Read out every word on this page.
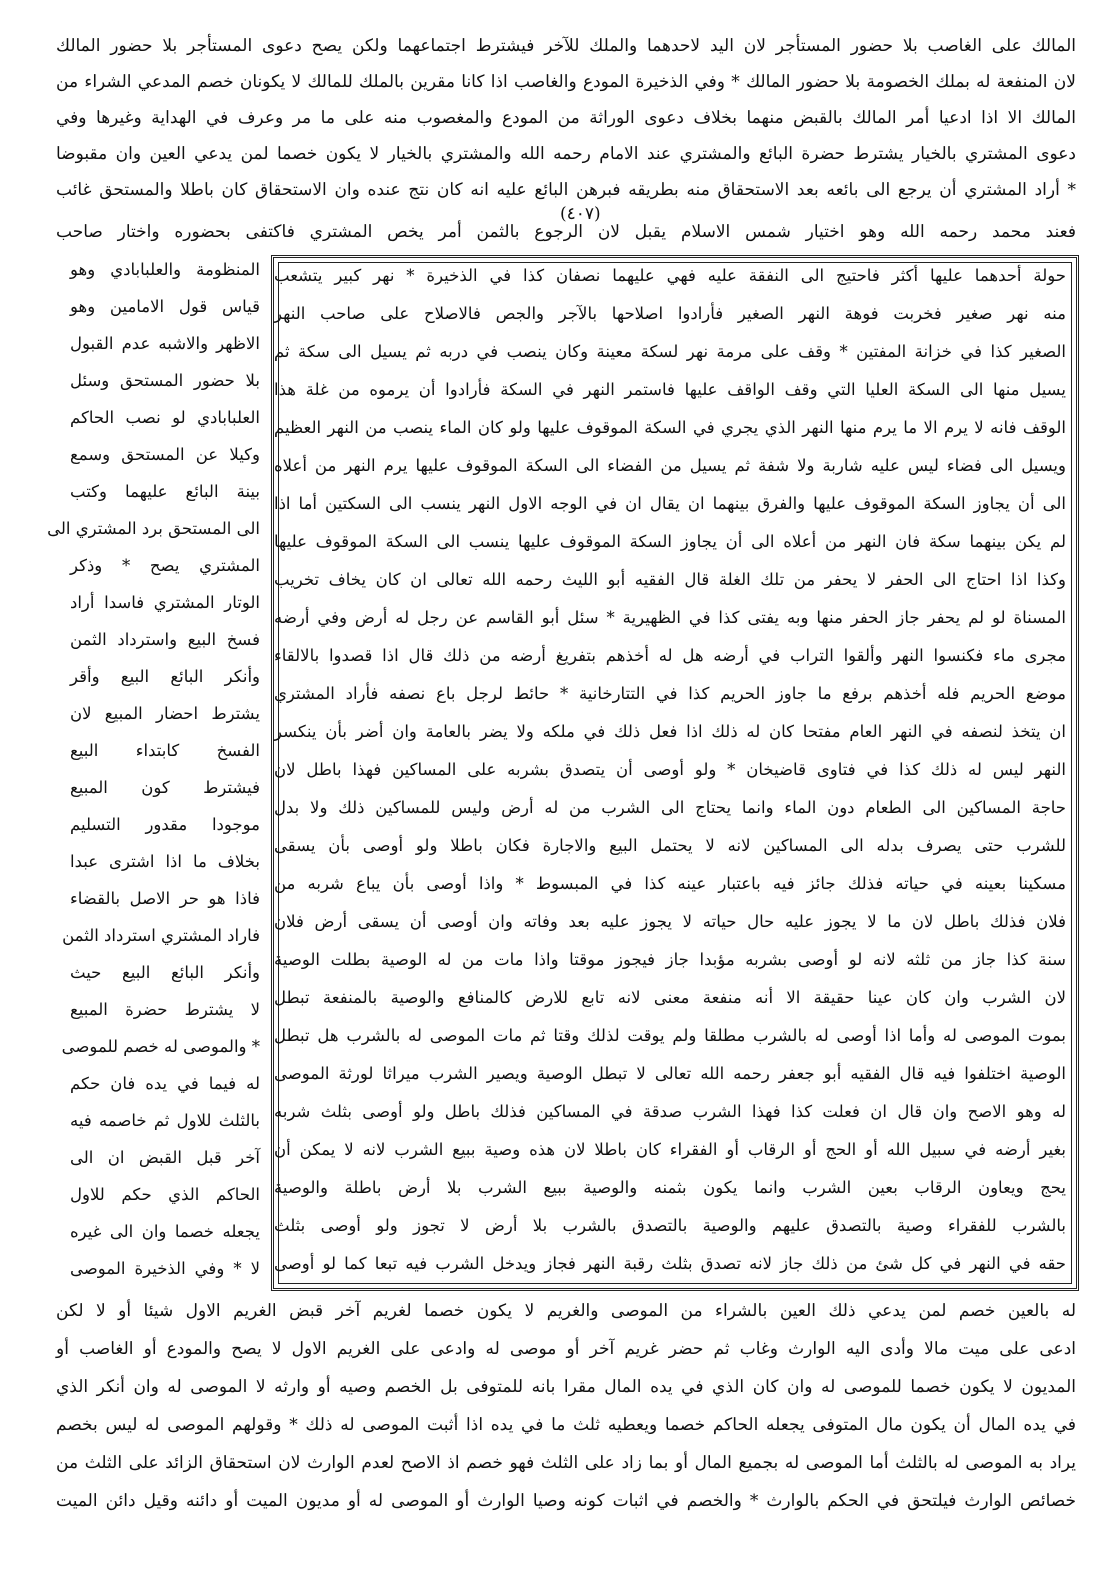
المالك على الغاصب بلا حضور المستأجر لان اليد لاحدهما والملك للآخر فيشترط اجتماعهما ولكن يصح دعوى المستأجر بلا حضور المالك
لان المنفعة له بملك الخصومة بلا حضور المالك * وفي الذخيرة المودع والغاصب اذا كانا مقرين بالملك للمالك لا يكونان خصم المدعي الشراء من
المالك الا اذا ادعيا أمر المالك بالقبض منهما بخلاف دعوى الوراثة من المودع والمغصوب منه على ما مر وعرف في الهداية وغيرها وفي
دعوى المشتري بالخيار يشترط حضرة البائع والمشتري عند الامام رحمه الله والمشتري بالخيار لا يكون خصما لمن يدعي العين وان مقبوضا
* أراد المشتري أن يرجع الى بائعه بعد الاستحقاق منه بطريقه فبرهن البائع عليه انه كان نتج عنده وان الاستحقاق كان باطلا والمستحق غائب
فعند محمد رحمه الله وهو اختيار شمس الاسلام يقبل لان الرجوع بالثمن أمر يخص المشتري فاكتفى بحضوره واختار صاحب
حولة أحدهما عليها أكثر فاحتيج الى النفقة عليه فهي عليهما نصفان كذا في الذخيرة * نهر كبير يتشعب
منه نهر صغير فخربت فوهة النهر الصغير فأرادوا اصلاحها بالآجر والجص فالاصلاح على صاحب النهر
الصغير كذا في خزانة المفتين * وقف على مرمة نهر لسكة معينة وكان ينصب في دربه ثم يسيل الى سكة ثم
يسيل منها الى السكة العليا التي وقف الواقف عليها فاستمر النهر في السكة فأرادوا أن يرموه من غلة هذا
الوقف فانه لا يرم الا ما يرم منها النهر الذي يجري في السكة الموقوف عليها ولو كان الماء ينصب من النهر العظيم
ويسيل الى فضاء ليس عليه شاربة ولا شفة ثم يسيل من الفضاء الى السكة الموقوف عليها يرم النهر من أعلاه
الى أن يجاوز السكة الموقوف عليها والفرق بينهما ان يقال ان في الوجه الاول النهر ينسب الى السكتين أما اذا
لم يكن بينهما سكة فان النهر من أعلاه الى أن يجاوز السكة الموقوف عليها ينسب الى السكة الموقوف عليها
وكذا اذا احتاج الى الحفر لا يحفر من تلك الغلة قال الفقيه أبو الليث رحمه الله تعالى ان كان يخاف تخريب
المسناة لو لم يحفر جاز الحفر منها وبه يفتى كذا في الظهيرية * سئل أبو القاسم عن رجل له أرض وفي أرضه
مجرى ماء فكنسوا النهر وألقوا التراب في أرضه هل له أخذهم بتفريغ أرضه من ذلك قال اذا قصدوا بالالقاء
موضع الحريم فله أخذهم برفع ما جاوز الحريم كذا في التتارخانية * حائط لرجل باع نصفه فأراد المشتري
ان يتخذ لنصفه في النهر العام مفتحا كان له ذلك اذا فعل ذلك في ملكه ولا يضر بالعامة وان أضر بأن ينكسر
النهر ليس له ذلك كذا في فتاوى قاضيخان * ولو أوصى أن يتصدق بشربه على المساكين فهذا باطل لان
حاجة المساكين الى الطعام دون الماء وانما يحتاج الى الشرب من له أرض وليس للمساكين ذلك ولا بدل
للشرب حتى يصرف بدله الى المساكين لانه لا يحتمل البيع والاجارة فكان باطلا ولو أوصى بأن يسقى
مسكينا بعينه في حياته فذلك جائز فيه باعتبار عينه كذا في المبسوط * واذا أوصى بأن يباع شربه من
فلان فذلك باطل لان ما لا يجوز عليه حال حياته لا يجوز عليه بعد وفاته وان أوصى أن يسقى أرض فلان
سنة كذا جاز من ثلثه لانه لو أوصى بشربه مؤبدا جاز فيجوز موقتا واذا مات من له الوصية بطلت الوصية
لان الشرب وان كان عينا حقيقة الا أنه منفعة معنى لانه تابع للارض كالمنافع والوصية بالمنفعة تبطل
بموت الموصى له وأما اذا أوصى له بالشرب مطلقا ولم يوقت لذلك وقتا ثم مات الموصى له بالشرب هل تبطل
الوصية اختلفوا فيه قال الفقيه أبو جعفر رحمه الله تعالى لا تبطل الوصية ويصير الشرب ميراثا لورثة الموصى
له وهو الاصح وان قال ان فعلت كذا فهذا الشرب صدقة في المساكين فذلك باطل ولو أوصى بثلث شربه
بغير أرضه في سبيل الله أو الحج أو الرقاب أو الفقراء كان باطلا لان هذه وصية ببيع الشرب لانه لا يمكن أن
يحج ويعاون الرقاب بعين الشرب وانما يكون بثمنه والوصية ببيع الشرب بلا أرض باطلة والوصية
بالشرب للفقراء وصية بالتصدق عليهم والوصية بالتصدق بالشرب بلا أرض لا تجوز ولو أوصى بثلث
حقه في النهر في كل شئ من ذلك جاز لانه تصدق بثلث رقبة النهر فجاز ويدخل الشرب فيه تبعا كما لو أوصى
المنظومة والعلبابادي وهو
قياس قول الامامين وهو
الاظهر والاشبه عدم القبول
بلا حضور المستحق وسئل
العلبابادي لو نصب الحاكم
وكيلا عن المستحق وسمع
بينة البائع عليهما وكتب
الى المستحق برد المشتري الى
المشتري يصح * وذكر
الوتار المشتري فاسدا أراد
فسخ البيع واسترداد الثمن
وأنكر البائع البيع وأقر
يشترط احضار المبيع لان
الفسخ كابتداء البيع
فيشترط كون المبيع
موجودا مقدور التسليم
بخلاف ما اذا اشترى عبدا
فاذا هو حر الاصل بالقضاء
فاراد المشتري استرداد الثمن
وأنكر البائع البيع حيث
لا يشترط حضرة المبيع
* والموصى له خصم للموصى
له فيما في يده فان حكم
بالثلث للاول ثم خاصمه فيه
آخر قبل القبض ان الى
الحاكم الذي حكم للاول
يجعله خصما وان الى غيره
لا * وفي الذخيرة الموصى
له بالعين خصم لمن يدعي ذلك العين بالشراء من الموصى والغريم لا يكون خصما لغريم آخر قبض الغريم الاول شيئا أو لا لكن
ادعى على ميت مالا وأدى اليه الوارث وغاب ثم حضر غريم آخر أو موصى له وادعى على الغريم الاول لا يصح والمودع أو الغاصب أو
المديون لا يكون خصما للموصى له وان كان الذي في يده المال مقرا بانه للمتوفى بل الخصم وصيه أو وارثه لا الموصى له وان أنكر الذي
في يده المال أن يكون مال المتوفى يجعله الحاكم خصما ويعطيه ثلث ما في يده اذا أثبت الموصى له ذلك * وقولهم الموصى له ليس بخصم
يراد به الموصى له بالثلث أما الموصى له بجميع المال أو بما زاد على الثلث فهو خصم اذ الاصح لعدم الوارث لان استحقاق الزائد على الثلث من
خصائص الوارث فيلتحق في الحكم بالوارث * والخصم في اثبات كونه وصيا الوارث أو الموصى له أو مديون الميت أو دائنه وقيل دائن الميت
(٤٠٧)
